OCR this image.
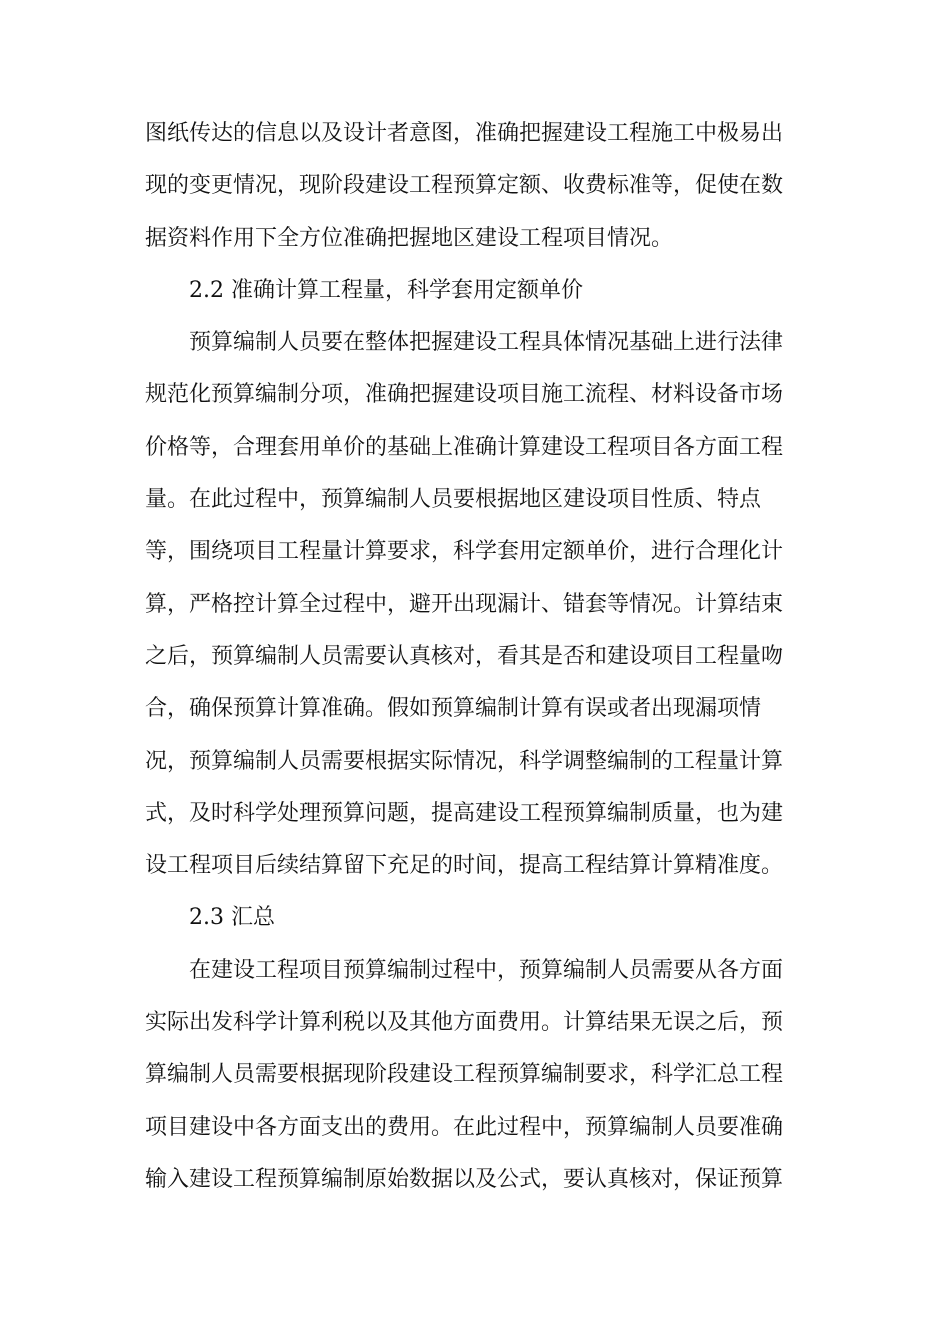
图纸传达的信息以及设计者意图，准确把握建设工程施工中极易出
现的变更情况，现阶段建设工程预算定额、收费标准等，促使在数
据资料作用下全方位准确把握地区建设工程项目情况。
2.2 准确计算工程量，科学套用定额单价
预算编制人员要在整体把握建设工程具体情况基础上进行法律
规范化预算编制分项，准确把握建设项目施工流程、材料设备市场
价格等，合理套用单价的基础上准确计算建设工程项目各方面工程
量。在此过程中，预算编制人员要根据地区建设项目性质、特点
等，围绕项目工程量计算要求，科学套用定额单价，进行合理化计
算，严格控计算全过程中，避开出现漏计、错套等情况。计算结束
之后，预算编制人员需要认真核对，看其是否和建设项目工程量吻
合，确保预算计算准确。假如预算编制计算有误或者出现漏项情
况，预算编制人员需要根据实际情况，科学调整编制的工程量计算
式，及时科学处理预算问题，提高建设工程预算编制质量，也为建
设工程项目后续结算留下充足的时间，提高工程结算计算精准度。
2.3 汇总
在建设工程项目预算编制过程中，预算编制人员需要从各方面
实际出发科学计算利税以及其他方面费用。计算结果无误之后，预
算编制人员需要根据现阶段建设工程预算编制要求，科学汇总工程
项目建设中各方面支出的费用。在此过程中，预算编制人员要准确
输入建设工程预算编制原始数据以及公式，要认真核对，保证预算
